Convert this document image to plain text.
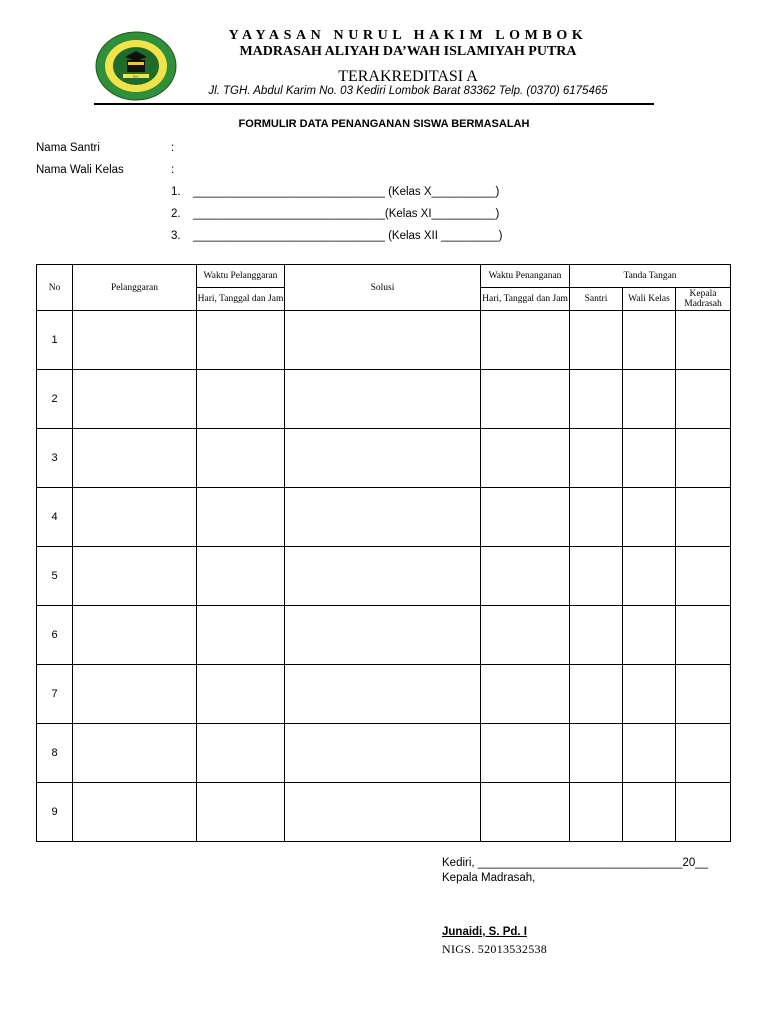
NHL
YAYASAN NURUL HAKIM LOMBOK
MADRASAH ALIYAH DA’WAH ISLAMIYAH PUTRA
TERAKREDITASI A
Jl. TGH. Abdul Karim No. 03 Kediri Lombok Barat 83362 Telp. (0370) 6175465
FORMULIR DATA PENANGANAN SISWA BERMASALAH
Nama Santri	:
Nama Wali Kelas	:
1. ______________________________ (Kelas X__________)
2. ______________________________(Kelas XI__________)
3. ______________________________ (Kelas XII _________)
No	Pelanggaran	Waktu Pelanggaran	Solusi	Waktu Penanganan	Tanda Tangan		
		Hari, Tanggal dan Jam		Hari, Tanggal dan Jam	Santri	Wali Kelas	Kepala Madrasah
1							
2							
3							
4							
5							
6							
7							
8							
9							
Kediri, ________________________________20__
Kepala Madrasah,
Junaidi, S. Pd. I
NIGS. 52013532538
